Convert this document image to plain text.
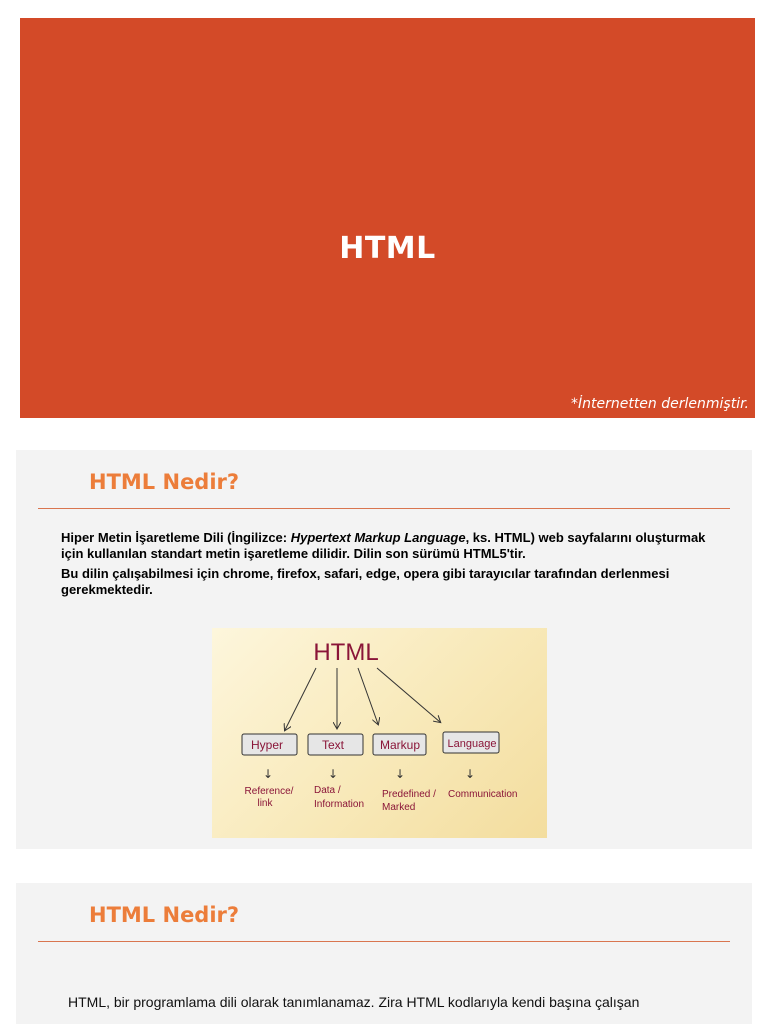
HTML
*İnternetten derlenmiştir.
HTML Nedir?

Hiper Metin İşaretleme Dili (İngilizce: Hypertext Markup Language, ks. HTML) web sayfalarını oluşturmak için kullanılan standart metin işaretleme dilidir. Dilin son sürümü HTML5'tir.

Bu dilin çalışabilmesi için chrome, firefox, safari, edge, opera gibi tarayıcılar tarafından derlenmesi gerekmektedir.

HTML
Hyper	Text	Markup	Language
↓	↓	↓	↓
Reference/
link
Data /
Information
Predefined /
Marked
Communication
HTML Nedir?
HTML, bir programlama dili olarak tanımlanamaz. Zira HTML kodlarıyla kendi başına çalışan
